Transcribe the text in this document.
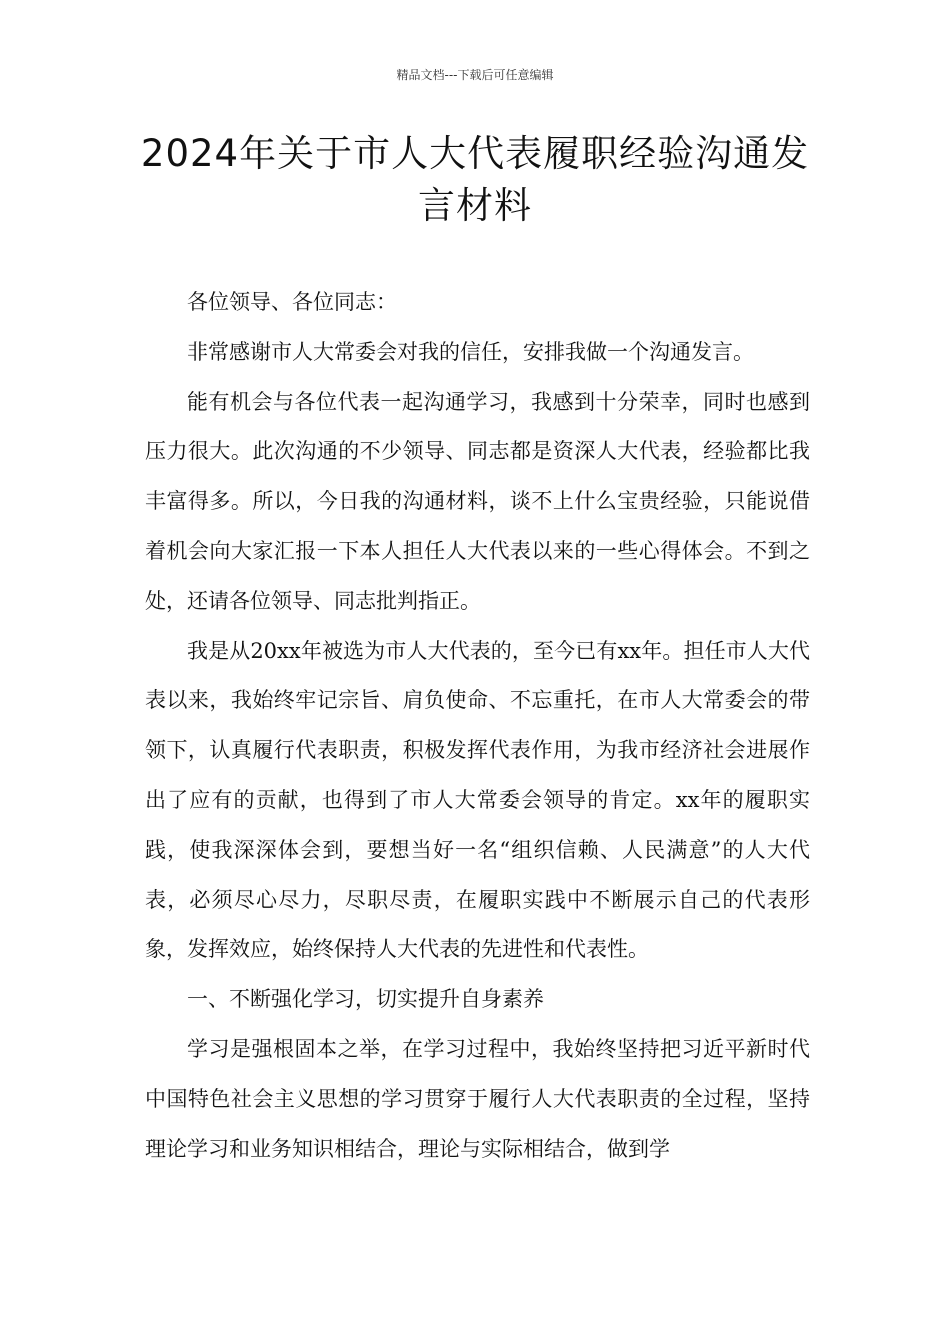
精品文档---下载后可任意编辑
2024年关于市人大代表履职经验沟通发言材料

各位领导、各位同志：

非常感谢市人大常委会对我的信任，安排我做一个沟通发言。

能有机会与各位代表一起沟通学习，我感到十分荣幸，同时也感到压力很大。此次沟通的不少领导、同志都是资深人大代表，经验都比我丰富得多。所以，今日我的沟通材料，谈不上什么宝贵经验，只能说借着机会向大家汇报一下本人担任人大代表以来的一些心得体会。不到之处，还请各位领导、同志批判指正。

我是从20xx年被选为市人大代表的，至今已有xx年。担任市人大代表以来，我始终牢记宗旨、肩负使命、不忘重托，在市人大常委会的带领下，认真履行代表职责，积极发挥代表作用，为我市经济社会进展作出了应有的贡献，也得到了市人大常委会领导的肯定。xx年的履职实践，使我深深体会到，要想当好一名“组织信赖、人民满意”的人大代表，必须尽心尽力，尽职尽责，在履职实践中不断展示自己的代表形象，发挥效应，始终保持人大代表的先进性和代表性。

一、不断强化学习，切实提升自身素养

学习是强根固本之举，在学习过程中，我始终坚持把习近平新时代中国特色社会主义思想的学习贯穿于履行人大代表职责的全过程，坚持理论学习和业务知识相结合，理论与实际相结合，做到学
